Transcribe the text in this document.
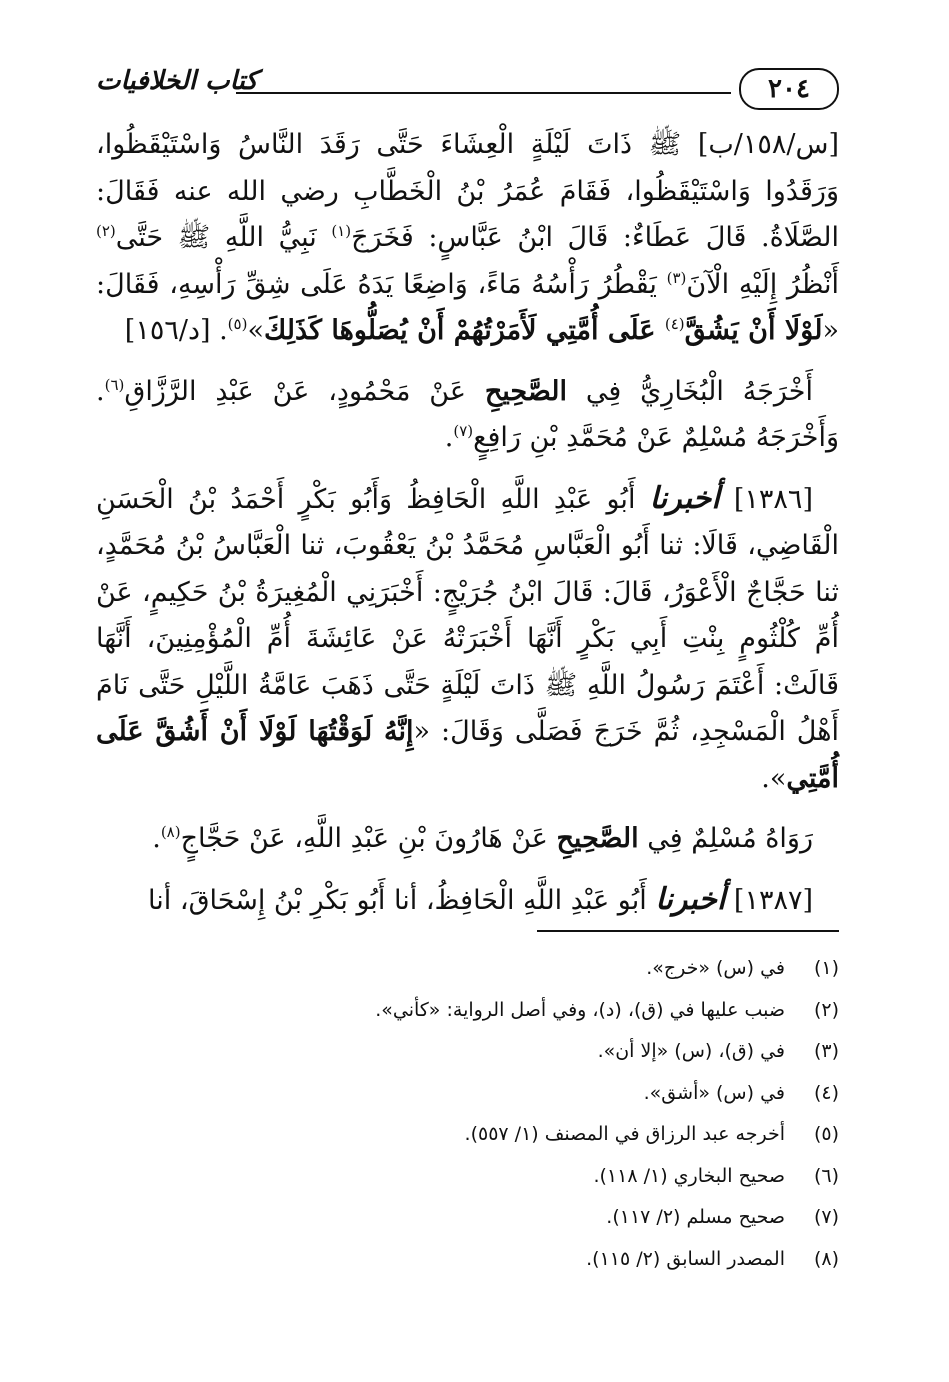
٢٠٤
كتاب الخلافيات

[س/١٥٨/ب] ﷺ ذَاتَ لَيْلَةٍ الْعِشَاءَ حَتَّى رَقَدَ النَّاسُ وَاسْتَيْقَظُوا، وَرَقَدُوا وَاسْتَيْقَظُوا، فَقَامَ عُمَرُ بْنُ الْخَطَّابِ رضي الله عنه فَقَالَ: الصَّلَاةُ. قَالَ عَطَاءٌ: قَالَ ابْنُ عَبَّاسٍ: فَخَرَجَ$^{(١)}$ نَبِيُّ اللَّهِ ﷺ حَتَّى$^{(٢)}$ أَنْظُرُ إِلَيْهِ الْآنَ$^{(٣)}$ يَقْطُرُ رَأْسُهُ مَاءً، وَاضِعًا يَدَهُ عَلَى شِقِّ رَأْسِهِ، فَقَالَ: «لَوْلَا أَنْ يَشُقَّ$^{(٤)}$ عَلَى أُمَّتِي لَأَمَرْتُهُمْ أَنْ يُصَلُّوهَا كَذَلِكَ»$^{(٥)}$. [د/١٥٦]

أَخْرَجَهُ الْبُخَارِيُّ فِي الصَّحِيحِ عَنْ مَحْمُودٍ، عَنْ عَبْدِ الرَّزَّاقِ$^{(٦)}$. وَأَخْرَجَهُ مُسْلِمٌ عَنْ مُحَمَّدِ بْنِ رَافِعٍ$^{(٧)}$.

[١٣٨٦] أخبرنا أَبُو عَبْدِ اللَّهِ الْحَافِظُ وَأَبُو بَكْرٍ أَحْمَدُ بْنُ الْحَسَنِ الْقَاضِي، قَالَا: ثنا أَبُو الْعَبَّاسِ مُحَمَّدُ بْنُ يَعْقُوبَ، ثنا الْعَبَّاسُ بْنُ مُحَمَّدٍ، ثنا حَجَّاجٌ الْأَعْوَرُ، قَالَ: قَالَ ابْنُ جُرَيْجٍ: أَخْبَرَنِي الْمُغِيرَةُ بْنُ حَكِيمٍ، عَنْ أُمِّ كُلْثُومٍ بِنْتِ أَبِي بَكْرٍ أَنَّهَا أَخْبَرَتْهُ عَنْ عَائِشَةَ أُمِّ الْمُؤْمِنِينَ، أَنَّهَا قَالَتْ: أَعْتَمَ رَسُولُ اللَّهِ ﷺ ذَاتَ لَيْلَةٍ حَتَّى ذَهَبَ عَامَّةُ اللَّيْلِ حَتَّى نَامَ أَهْلُ الْمَسْجِدِ، ثُمَّ خَرَجَ فَصَلَّى وَقَالَ: «إِنَّهُ لَوَقْتُهَا لَوْلَا أَنْ أَشُقَّ عَلَى أُمَّتِي».

رَوَاهُ مُسْلِمٌ فِي الصَّحِيحِ عَنْ هَارُونَ بْنِ عَبْدِ اللَّهِ، عَنْ حَجَّاجٍ$^{(٨)}$.

[١٣٨٧] أخبرنا أَبُو عَبْدِ اللَّهِ الْحَافِظُ، أنا أَبُو بَكْرِ بْنُ إِسْحَاقَ، أنا

(١)في (س) «خرج».
(٢)ضبب عليها في (ق)، (د)، وفي أصل الرواية: «كأني».
(٣)في (ق)، (س) «إلا أن».
(٤)في (س) «أشق».
(٥)أخرجه عبد الرزاق في المصنف (١/ ٥٥٧).
(٦)صحيح البخاري (١/ ١١٨).
(٧)صحيح مسلم (٢/ ١١٧).
(٨)المصدر السابق (٢/ ١١٥).
